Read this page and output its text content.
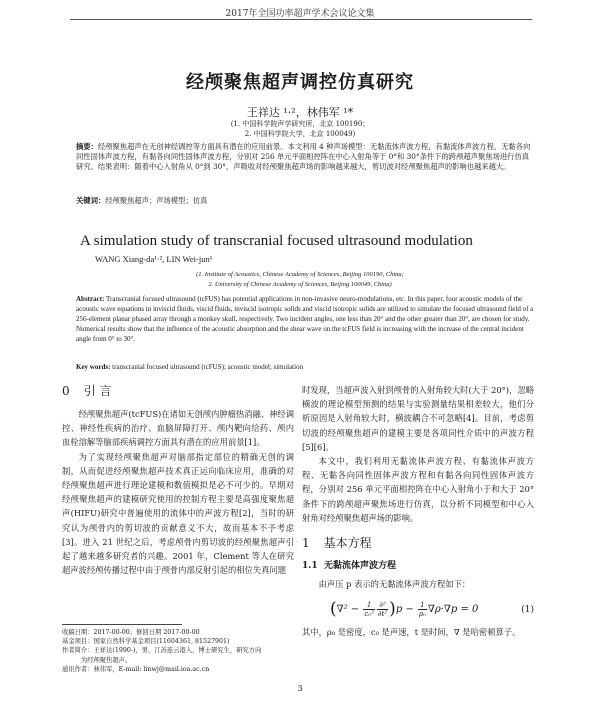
2017年全国功率超声学术会议论文集
经颅聚焦超声调控仿真研究
王祥达 ¹·²，林伟军 ¹*
(1. 中国科学院声学研究所，北京 100190；
2. 中国科学院大学，北京 100049)
摘要：经颅聚焦超声在无创神经调控等方面具有潜在的应用前景。本文利用 4 种声场模型：无黏流体声波方程，有黏流体声波方程，无黏各向同性固体声波方程，有黏各向同性固体声波方程，分别对 256 单元平面相控阵在中心入射角等于 0°和 30°条件下的跨颅超声聚焦场进行仿真研究。结果表明：随着中心入射角从 0°到 30°，声吸收对经颅聚焦超声场的影响越来越大，剪切波对经颅聚焦超声的影响也越来越大。
关键词：经颅聚焦超声；声场模型；仿真
A simulation study of transcranial focused ultrasound modulation
WANG Xiang-da¹·², LIN Wei-jun¹
(1. Institute of Acoustics, Chinese Academy of Sciences, Beijing 100190, China;
2. University of Chinese Academy of Sciences, Beijing 100049, China)
Abstract: Transcranial focused ultrasound (tcFUS) has potential applications in non-invasive neuro-modulations, etc. In this paper, four acoustic models of the acoustic wave equations in inviscid fluids, viscid fluids, inviscid isotropic solids and viscid isotropic solids are utilized to simulate the focused ultrasound field of a 256-element planar phased array through a monkey skull, respectively. Two incident angles, one less than 20° and the other greater than 20°, are chosen for study. Numerical results show that the influence of the acoustic absorption and the shear wave on the tcFUS field is increasing with the increase of the central incident angle from 0° to 30°.
Key words: transcranial focused ultrasound (tcFUS); acoustic model; simulation
0 引 言

经颅聚焦超声(tcFUS)在诸如无创颅内肿瘤热消融、神经调控、神经性疾病的治疗、血脑屏障打开、颅内靶向给药、颅内血栓溶解等脑部疾病调控方面具有潜在的应用前景[1]。

为了实现经颅聚焦超声对脑部指定部位的精确无创的调制，从而促进经颅聚焦超声技术真正运向临床应用，准确的对经颅聚焦超声进行理论建模和数值模拟是必不可少的。早期对经颅聚焦超声的建模研究使用的控制方程主要是高强度聚焦超声(HIFU)研究中普遍使用的流体中的声波方程[2]，当时的研究认为颅骨内的剪切波的贡献意义不大，故而基本不予考虑[3]。进入 21 世纪之后，考虑颅骨内剪切波的经颅聚焦超声引起了越来越多研究者的兴趣。2001 年，Clement 等人在研究超声波经颅传播过程中由于颅骨内部反射引起的相位失真问题

时发现，当超声波入射到颅骨的入射角较大时(大于 20°)，忽略横波的理论模型预测的结果与实验测量结果相差较大，他们分析原因是入射角较大时，横波耦合不可忽略[4]。目前，考虑剪切波的经颅聚焦超声的建模主要是各项同性介质中的声波方程[5][6]。

本文中，我们利用无黏流体声波方程、有黏流体声波方程、无黏各向同性固体声波方程和有黏各向同性固体声波方程，分别对 256 单元平面相控阵在中心入射角小于和大于 20°条件下的跨颅超声聚焦场进行仿真，以分析不同模型和中心入射角对经颅聚焦超声场的影响。

1 基本方程
1.1 无黏流体声波方程

由声压 p 表示的无黏流体声波方程如下：

$(\nabla^2 - \frac{1}{\text{c₀²}} \frac{\text{∂²}}{\text{∂t²}} )p - \frac{1}{\text{ρ₀}} \nabla\rho\cdot\nabla p = 0$	(1)

其中，ρ₀ 是密度，c₀ 是声速，t 是时间，∇ 是哈密顿算子。

收稿日期：2017-00-00；修回日期 2017-00-00
基金项目：国家自然科学基金项目(11604361, 81527901)
作者简介：王祥达(1990-)，男，江苏连云港人，博士研究生，研究方向
为经颅聚焦超声。
通讯作者：林伟军，E-mail: linwj@mail.ioa.ac.cn
3
